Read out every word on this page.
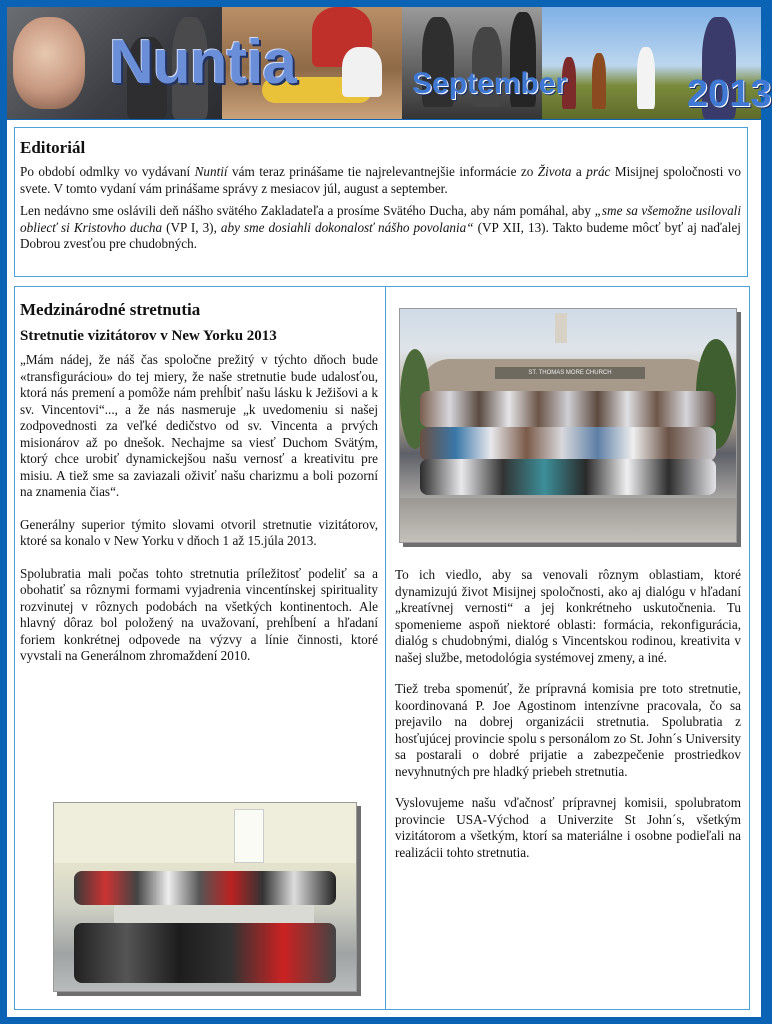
Nuntia	September	2013
Editoriál

Po období odmlky vo vydávaní Nuntií vám teraz prinášame tie najrelevantnejšie informácie zo Života a prác Misijnej spoločnosti vo svete. V tomto vydaní vám prinášame správy z mesiacov júl, august a september.

Len nedávno sme oslávili deň nášho svätého Zakladateľa a prosíme Svätého Ducha, aby nám pomáhal, aby „sme sa všemožne usilovali obliecť si Kristovho ducha (VP I, 3), aby sme dosiahli dokonalosť nášho povolania“ (VP XII, 13). Takto budeme môcť byť aj naďalej Dobrou zvesťou pre chudobných.

Medzinárodné stretnutia
Stretnutie vizitátorov v New Yorku 2013

„Mám nádej, že náš čas spoločne prežitý v týchto dňoch bude «transfiguráciou» do tej miery, že naše stretnutie bude udalosťou, ktorá nás premení a pomôže nám prehĺbiť našu lásku k Ježišovi a k sv. Vincentovi“..., a že nás nasmeruje „k uvedomeniu si našej zodpovednosti za veľké dedičstvo od sv. Vincenta a prvých misionárov až po dnešok. Nechajme sa viesť Duchom Svätým, ktorý chce urobiť dynamickejšou našu vernosť a kreativitu pre misiu. A tiež sme sa zaviazali oživiť našu charizmu a boli pozorní na znamenia čias“.

Generálny superior týmito slovami otvoril stretnutie vizitátorov, ktoré sa konalo v New Yorku v dňoch 1 až 15.júla 2013.

Spolubratia mali počas tohto stretnutia príležitosť podeliť sa a obohatiť sa rôznymi formami vyjadrenia vincentínskej spirituality rozvinutej v rôznych podobách na všetkých kontinentoch. Ale hlavný dôraz bol položený na uvažovaní, prehĺbení a hľadaní foriem konkrétnej odpovede na výzvy a línie činnosti, ktoré vyvstali na Generálnom zhromaždení 2010.

ST. THOMAS MORE CHURCH

To ich viedlo, aby sa venovali rôznym oblastiam, ktoré dynamizujú život Misijnej spoločnosti, ako aj dialógu v hľadaní „kreatívnej vernosti“ a jej konkrétneho uskutočnenia. Tu spomenieme aspoň niektoré oblasti: formácia, rekonfigurácia, dialóg s chudobnými, dialóg s Vincentskou rodinou, kreativita v našej službe, metodológia systémovej zmeny, a iné.

Tiež treba spomenúť, že prípravná komisia pre toto stretnutie, koordinovaná P. Joe Agostinom intenzívne pracovala, čo sa prejavilo na dobrej organizácii stretnutia. Spolubratia z hosťujúcej provincie spolu s personálom zo St. John´s University sa postarali o dobré prijatie a zabezpečenie prostriedkov nevyhnutných pre hladký priebeh stretnutia.

Vyslovujeme našu vďačnosť prípravnej komisii, spolubratom provincie USA-Východ a Univerzite St John´s, všetkým vizitátorom a všetkým, ktorí sa materiálne i osobne podieľali na realizácii tohto stretnutia.
